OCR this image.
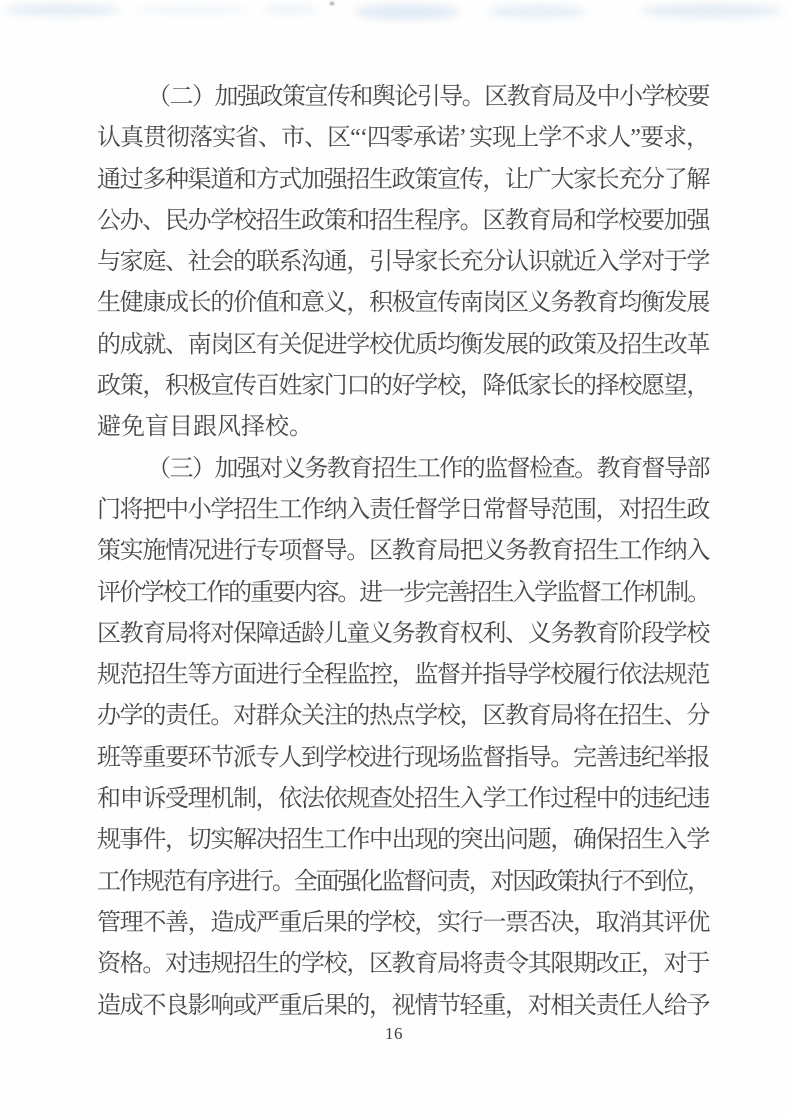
（二）加强政策宣传和舆论引导。区教育局及中小学校要
认真贯彻落实省、市、区“‘四零承诺’ 实现上学不求人”要求，
通过多种渠道和方式加强招生政策宣传，让广大家长充分了解
公办、民办学校招生政策和招生程序。区教育局和学校要加强
与家庭、社会的联系沟通，引导家长充分认识就近入学对于学
生健康成长的价值和意义，积极宣传南岗区义务教育均衡发展
的成就、南岗区有关促进学校优质均衡发展的政策及招生改革
政策，积极宣传百姓家门口的好学校，降低家长的择校愿望，
避免盲目跟风择校。
（三）加强对义务教育招生工作的监督检查。教育督导部
门将把中小学招生工作纳入责任督学日常督导范围，对招生政
策实施情况进行专项督导。区教育局把义务教育招生工作纳入
评价学校工作的重要内容。进一步完善招生入学监督工作机制。
区教育局将对保障适龄儿童义务教育权利、义务教育阶段学校
规范招生等方面进行全程监控，监督并指导学校履行依法规范
办学的责任。对群众关注的热点学校，区教育局将在招生、分
班等重要环节派专人到学校进行现场监督指导。完善违纪举报
和申诉受理机制，依法依规查处招生入学工作过程中的违纪违
规事件，切实解决招生工作中出现的突出问题，确保招生入学
工作规范有序进行。全面强化监督问责，对因政策执行不到位，
管理不善，造成严重后果的学校，实行一票否决，取消其评优
资格。对违规招生的学校，区教育局将责令其限期改正，对于
造成不良影响或严重后果的，视情节轻重，对相关责任人给予
16
